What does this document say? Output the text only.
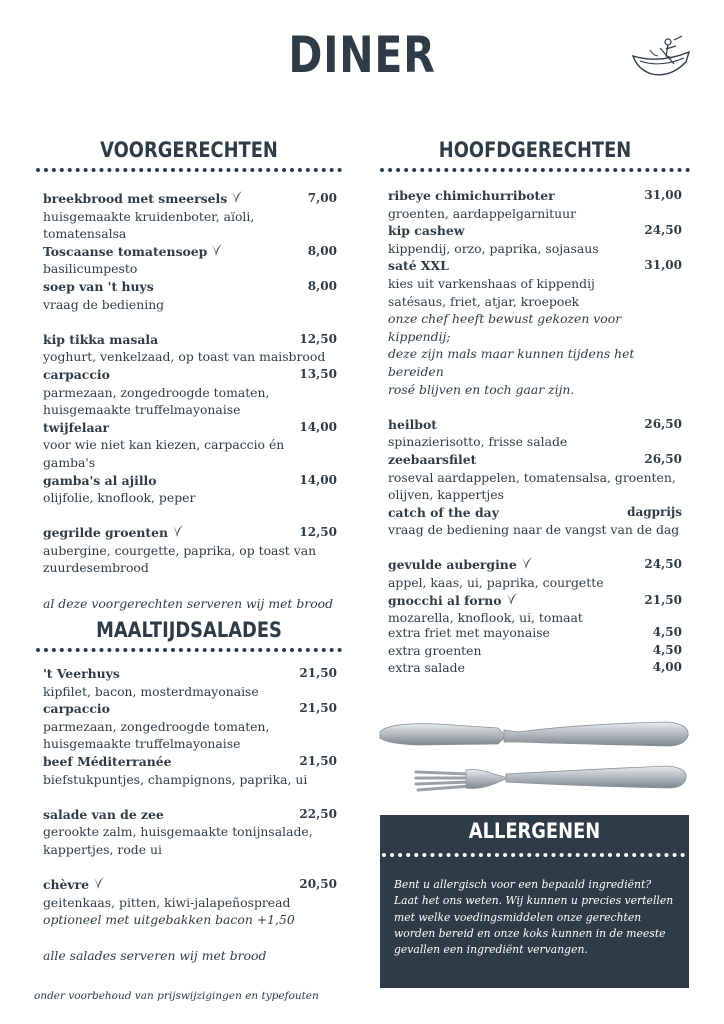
DINER
VOORGERECHTEN
breekbrood met smeersels	7,00
huisgemaakte kruidenboter, aïoli, tomatensalsa
Toscaanse tomatensoep	8,00
basilicumpesto
soep van 't huys	8,00
vraag de bediening
kip tikka masala	12,50
yoghurt, venkelzaad, op toast van maisbrood
carpaccio	13,50
parmezaan, zongedroogde tomaten,
huisgemaakte truffelmayonaise
twijfelaar	14,00
voor wie niet kan kiezen, carpaccio én gamba's
gamba's al ajillo	14,00
olijfolie, knoflook, peper
gegrilde groenten	12,50
aubergine, courgette, paprika, op toast van
zuurdesembrood
al deze voorgerechten serveren wij met brood
HOOFDGERECHTEN
ribeye chimichurriboter	31,00
groenten, aardappelgarnituur
kip cashew	24,50
kippendij, orzo, paprika, sojasaus
saté XXL	31,00
kies uit varkenshaas of kippendij
satésaus, friet, atjar, kroepoek
onze chef heeft bewust gekozen voor kippendij;
deze zijn mals maar kunnen tijdens het bereiden
rosé blijven en toch gaar zijn.
heilbot	26,50
spinazierisotto, frisse salade
zeebaarsfilet	26,50
roseval aardappelen, tomatensalsa, groenten,
olijven, kappertjes
catch of the day	dagprijs
vraag de bediening naar de vangst van de dag
gevulde aubergine	24,50
appel, kaas, ui, paprika, courgette
gnocchi al forno	21,50
mozarella, knoflook, ui, tomaat
MAALTIJDSALADES
't Veerhuys	21,50
kipfilet, bacon, mosterdmayonaise
carpaccio	21,50
parmezaan, zongedroogde tomaten,
huisgemaakte truffelmayonaise
beef Méditerranée	21,50
biefstukpuntjes, champignons, paprika, ui
salade van de zee	22,50
gerookte zalm, huisgemaakte tonijnsalade,
kappertjes, rode ui
chèvre	20,50
geitenkaas, pitten, kiwi-jalapeñospread
optioneel met uitgebakken bacon +1,50
alle salades serveren wij met brood
extra friet met mayonaise	4,50
extra groenten	4,50
extra salade	4,00
ALLERGENEN
Bent u allergisch voor een bepaald ingrediënt? Laat het ons weten. Wij kunnen u precies vertellen met welke voedingsmiddelen onze gerechten worden bereid en onze koks kunnen in de meeste gevallen een ingrediënt vervangen.
onder voorbehoud van prijswijzigingen en typefouten
